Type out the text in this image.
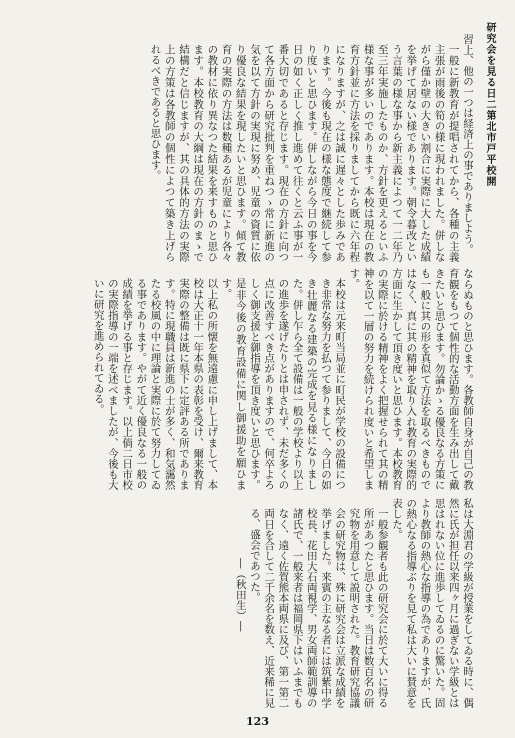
研究会を見る日二第北市戸平校開

習上、他の一つは経済上の事でありましよう。

一般に新教育が提唱されてから、各種の主義主張が雨後の筍の様に現われました。併しながら僅か壁の大きい割合に実際に大した成績を挙げて居ない様であります。朝令暮改という言葉の様な事から新主義によつて一二年乃至三年実施したものか、方針を更えるといふ様な事が多いのであります。本校は現在の教育方針並に方法を採りましてから既に六年程になりますが、之は誠に遅々とした歩みであります。今後も現在の様な態度で継続して参り度いと思ひます。併しながら今日の事を今日の如く正しく推し進めて往くと云ふ事が一番大切であると存じます。現在の方針に向つて各方面から研究批判を重ねつゝ常に新進の気を以て方針の実現に努め、児童の資質に依り優良な結果を現したいと思ひます。傾て教育の実際の方法は数種あるが児童により各々の教材に依り異なつた結果を来すものと思ひます。本校教育の大綱は現在の方針のまゝで結構だと信じますが、其の具体的方法の実際上の方策は各教師の個性によつて築き上げられるべきであると思ひます。

ならぬものと思ひます。各教師自身が自己の教育観をもつて個性的な活動方面を生み出して戴きたいと思ひます。勿論かゝる優良なる方策にも一般に其の形を真似て方法を取るべきものではなく、真に其の精神を取り入れ教育の実際的方面に生かして頂き度いと思ひます。本校教育の実際に於ける精神をよく把握せられて其の精神を以て一層の努力を続けられ度いと希望します。

本校は元来町当局並に町民が学校の設備につき非常な努力を払つて参りまして、今日の如き壮麗なる建築の完成を見る様になりました。併し乍ら全て設備は一般の学校より以上の進歩を遂げたりとは申されず、未だ多くの点に改善すべき点がありますので、何卒よろしく御支援と御指導を頂き度いと思ひます。是非今後の教育設備に関し御援助を願ひます。

以上私の所懐を無遠慮に申し上げまして、本校は大正十一年本県の表彰を受け、爾来教育実際の整備は既に県下に定評ある所であります。特に現職員は新進の士が多く、和気靄然たる校風の中に理論と実際に於て努力してゐる事であります。やがて近く優良なる一般の成績を挙げる事と存じます。以上倘二日市校の実際指導の一端を述べましたが、今後も大いに研究を進められてゐる。

私は大淵君の学級が授業をしてゐる時に、偶然に氏が担任以来四ヶ月に過ぎない学級とは思はれない位に進歩してゐるのに驚いた。固より教師の熱心な指導の為でありますが、氏の熱心なる指導ぶりを見て私は大いに賛意を表した。

一般参観者も此の研究会に於て大いに得る所があつたと思ひます。当日は数百名の研究物を用意して説明された。教育研究協議会の研究物は、殊に研究会は立派な成績を挙げました。来賓の主なる者には筑紫中学校長、花田大石両視学、男女両師範訓導の諸氏で、一般来者は福岡県下はいふまでもなく、遠く佐賀熊本両県に及び、第一第二両日を合して二千余名を数え、近来稀に見る、盛会であつた。

―（秋田生）―

123
